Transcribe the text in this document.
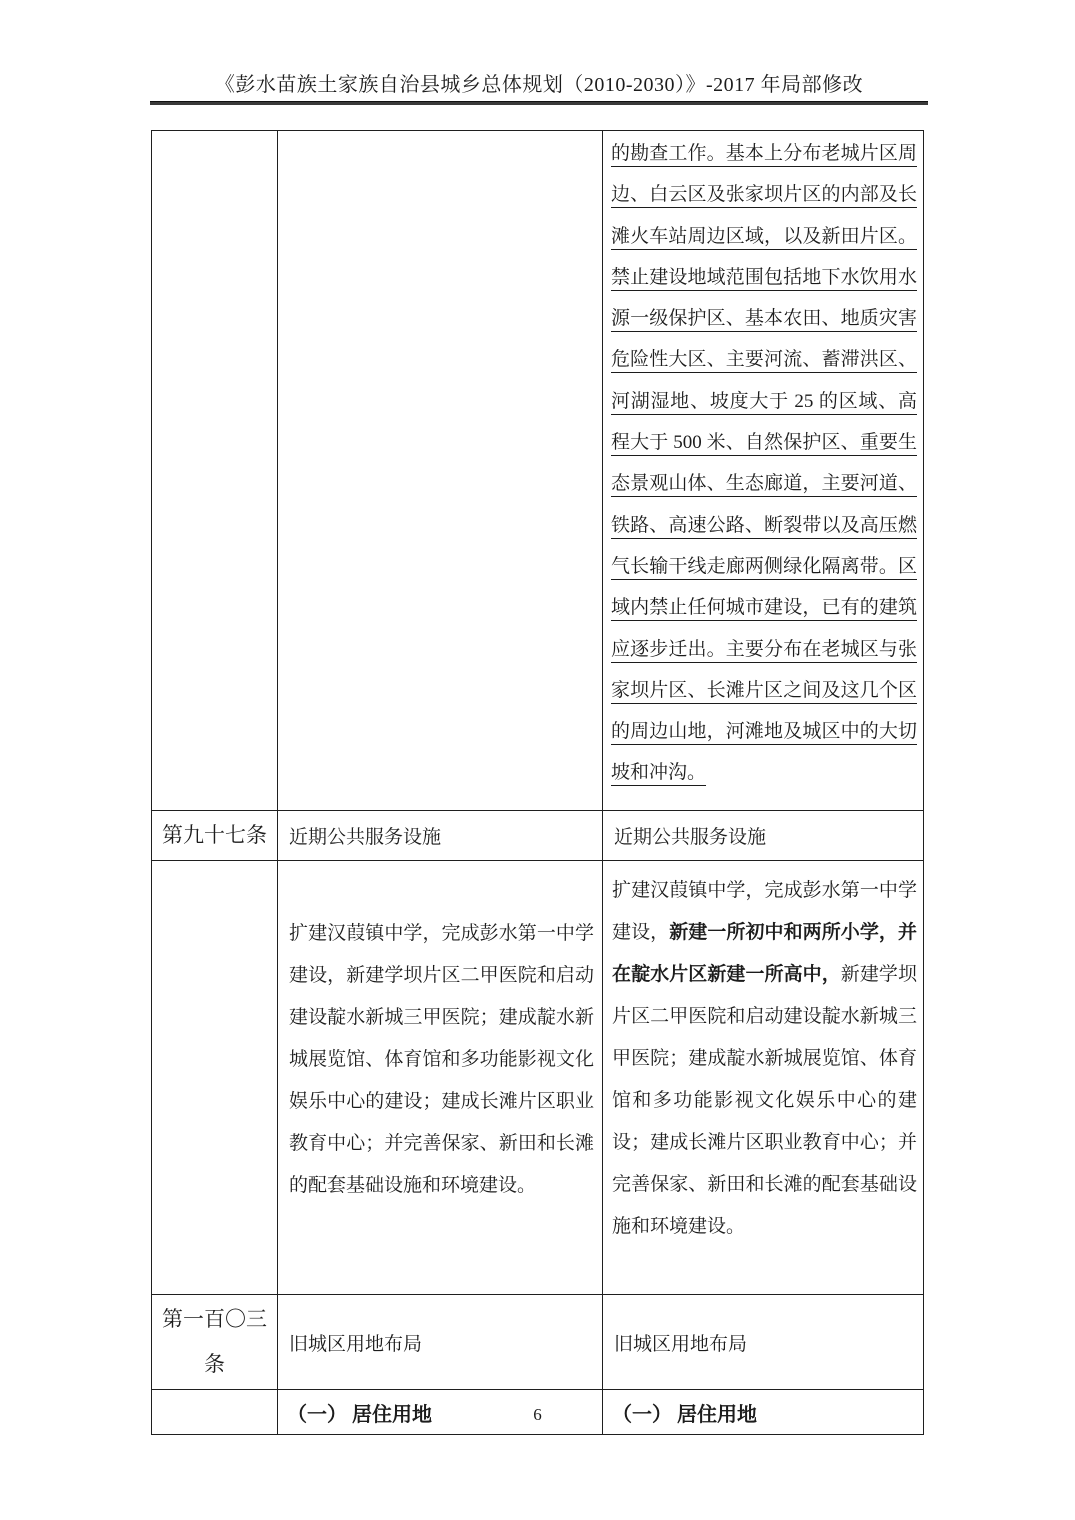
《彭水苗族土家族自治县城乡总体规划（2010-2030）》-2017 年局部修改

		的勘查工作。基本上分布老城片区周边、白云区及张家坝片区的内部及长滩火车站周边区域，以及新田片区。禁止建设地域范围包括地下水饮用水源一级保护区、基本农田、地质灾害危险性大区、主要河流、蓄滞洪区、河湖湿地、坡度大于 25 的区域、高程大于 500 米、自然保护区、重要生态景观山体、生态廊道，主要河道、铁路、高速公路、断裂带以及高压燃气长输干线走廊两侧绿化隔离带。区域内禁止任何城市建设，已有的建筑应逐步迁出。主要分布在老城区与张家坝片区、长滩片区之间及这几个区的周边山地，河滩地及城区中的大切坡和冲沟。

第九十七条	近期公共服务设施	近期公共服务设施

	扩建汉葭镇中学，完成彭水第一中学建设，新建学坝片区二甲医院和启动建设靛水新城三甲医院；建成靛水新城展览馆、体育馆和多功能影视文化娱乐中心的建设；建成长滩片区职业教育中心；并完善保家、新田和长滩的配套基础设施和环境建设。	扩建汉葭镇中学，完成彭水第一中学建设，新建一所初中和两所小学，并在靛水片区新建一所高中，新建学坝片区二甲医院和启动建设靛水新城三甲医院；建成靛水新城展览馆、体育馆和多功能影视文化娱乐中心的建设；建成长滩片区职业教育中心；并完善保家、新田和长滩的配套基础设施和环境建设。

第一百〇三条	旧城区用地布局	旧城区用地布局
	（一） 居住用地	（一） 居住用地
6
